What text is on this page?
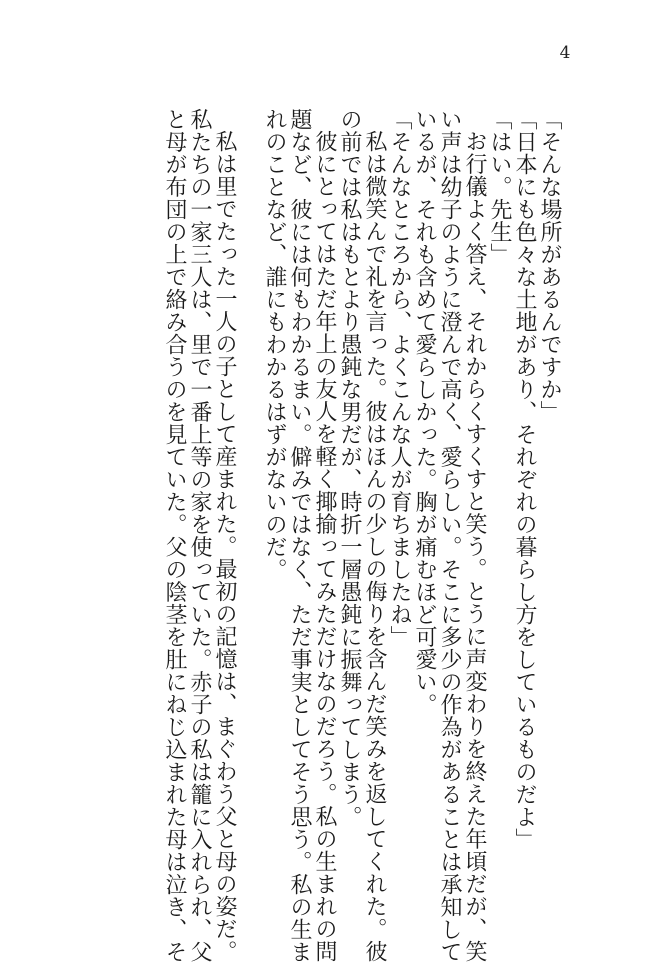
4
「そんな場所があるんですか」
「日本にも色々な土地があり、それぞれの暮らし方をしているものだよ」
「はい。先生」
お行儀よく答え、それからくすくすと笑う。とうに声変わりを終えた年頃だが、笑
い声は幼子のように澄んで高く、愛らしい。そこに多少の作為があることは承知して
いるが、それも含めて愛らしかった。胸が痛むほど可愛い。
「そんなところから、よくこんな人が育ちましたね」
私は微笑んで礼を言った。彼はほんの少しの侮りを含んだ笑みを返してくれた。彼
の前では私はもとより愚鈍な男だが、時折一層愚鈍に振舞ってしまう。
彼にとってはただ年上の友人を軽く揶揄ってみただけなのだろう。私の生まれの問
題など、彼には何もわかるまい。僻みではなく、ただ事実としてそう思う。私の生ま
れのことなど、誰にもわかるはずがないのだ。
私は里でたった一人の子として産まれた。最初の記憶は、まぐわう父と母の姿だ。
私たちの一家三人は、里で一番上等の家を使っていた。赤子の私は籠に入れられ、父
と母が布団の上で絡み合うのを見ていた。父の陰茎を肚にねじ込まれた母は泣き、そ
